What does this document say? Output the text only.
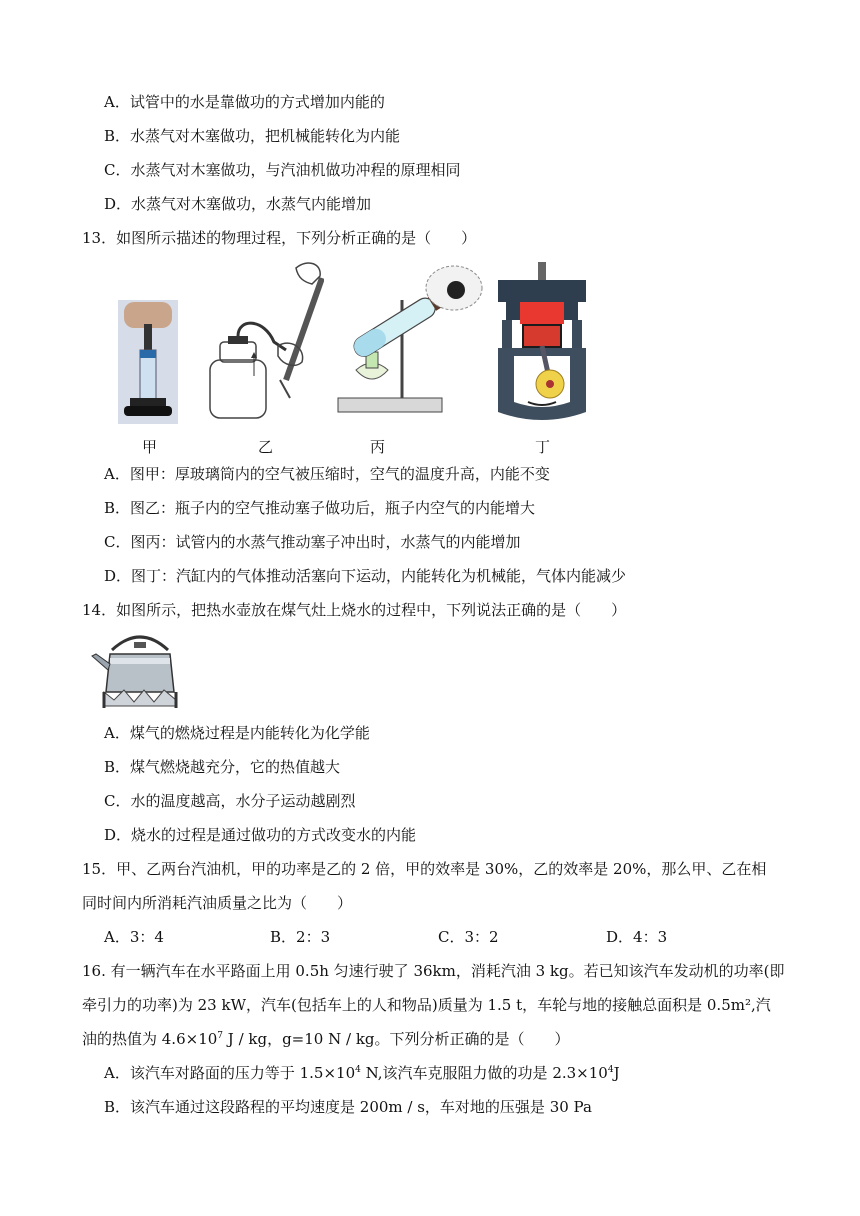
A．试管中的水是靠做功的方式增加内能的
B．水蒸气对木塞做功，把机械能转化为内能
C．水蒸气对木塞做功，与汽油机做功冲程的原理相同
D．水蒸气对木塞做功，水蒸气内能增加
13．如图所示描述的物理过程，下列分析正确的是（　　）
甲	乙	丙	丁
A．图甲：厚玻璃筒内的空气被压缩时，空气的温度升高，内能不变
B．图乙：瓶子内的空气推动塞子做功后，瓶子内空气的内能增大
C．图丙：试管内的水蒸气推动塞子冲出时，水蒸气的内能增加
D．图丁：汽缸内的气体推动活塞向下运动，内能转化为机械能，气体内能减少
14．如图所示，把热水壶放在煤气灶上烧水的过程中，下列说法正确的是（　　）
A．煤气的燃烧过程是内能转化为化学能
B．煤气燃烧越充分，它的热值越大
C．水的温度越高，水分子运动越剧烈
D．烧水的过程是通过做功的方式改变水的内能
15．甲、乙两台汽油机，甲的功率是乙的 2 倍，甲的效率是 30%，乙的效率是 20%，那么甲、乙在相
同时间内所消耗汽油质量之比为（　　）
A．3：4	B．2：3	C．3：2	D．4：3
16. 有一辆汽车在水平路面上用 0.5h 匀速行驶了 36km，消耗汽油 3 kg。若已知该汽车发动机的功率(即
牵引力的功率)为 23 kW，汽车(包括车上的人和物品)质量为 1.5 t，车轮与地的接触总面积是 0.5m²,汽
油的热值为 $4.6\times 10^7$ J / kg，g=10 N / kg。下列分析正确的是（　　）
A．该汽车对路面的压力等于 $1.5\times 10^4$ N,该汽车克服阻力做的功是 $2.3\times 10^4J$
B．该汽车通过这段路程的平均速度是 200m / s，车对地的压强是 30 Pa
